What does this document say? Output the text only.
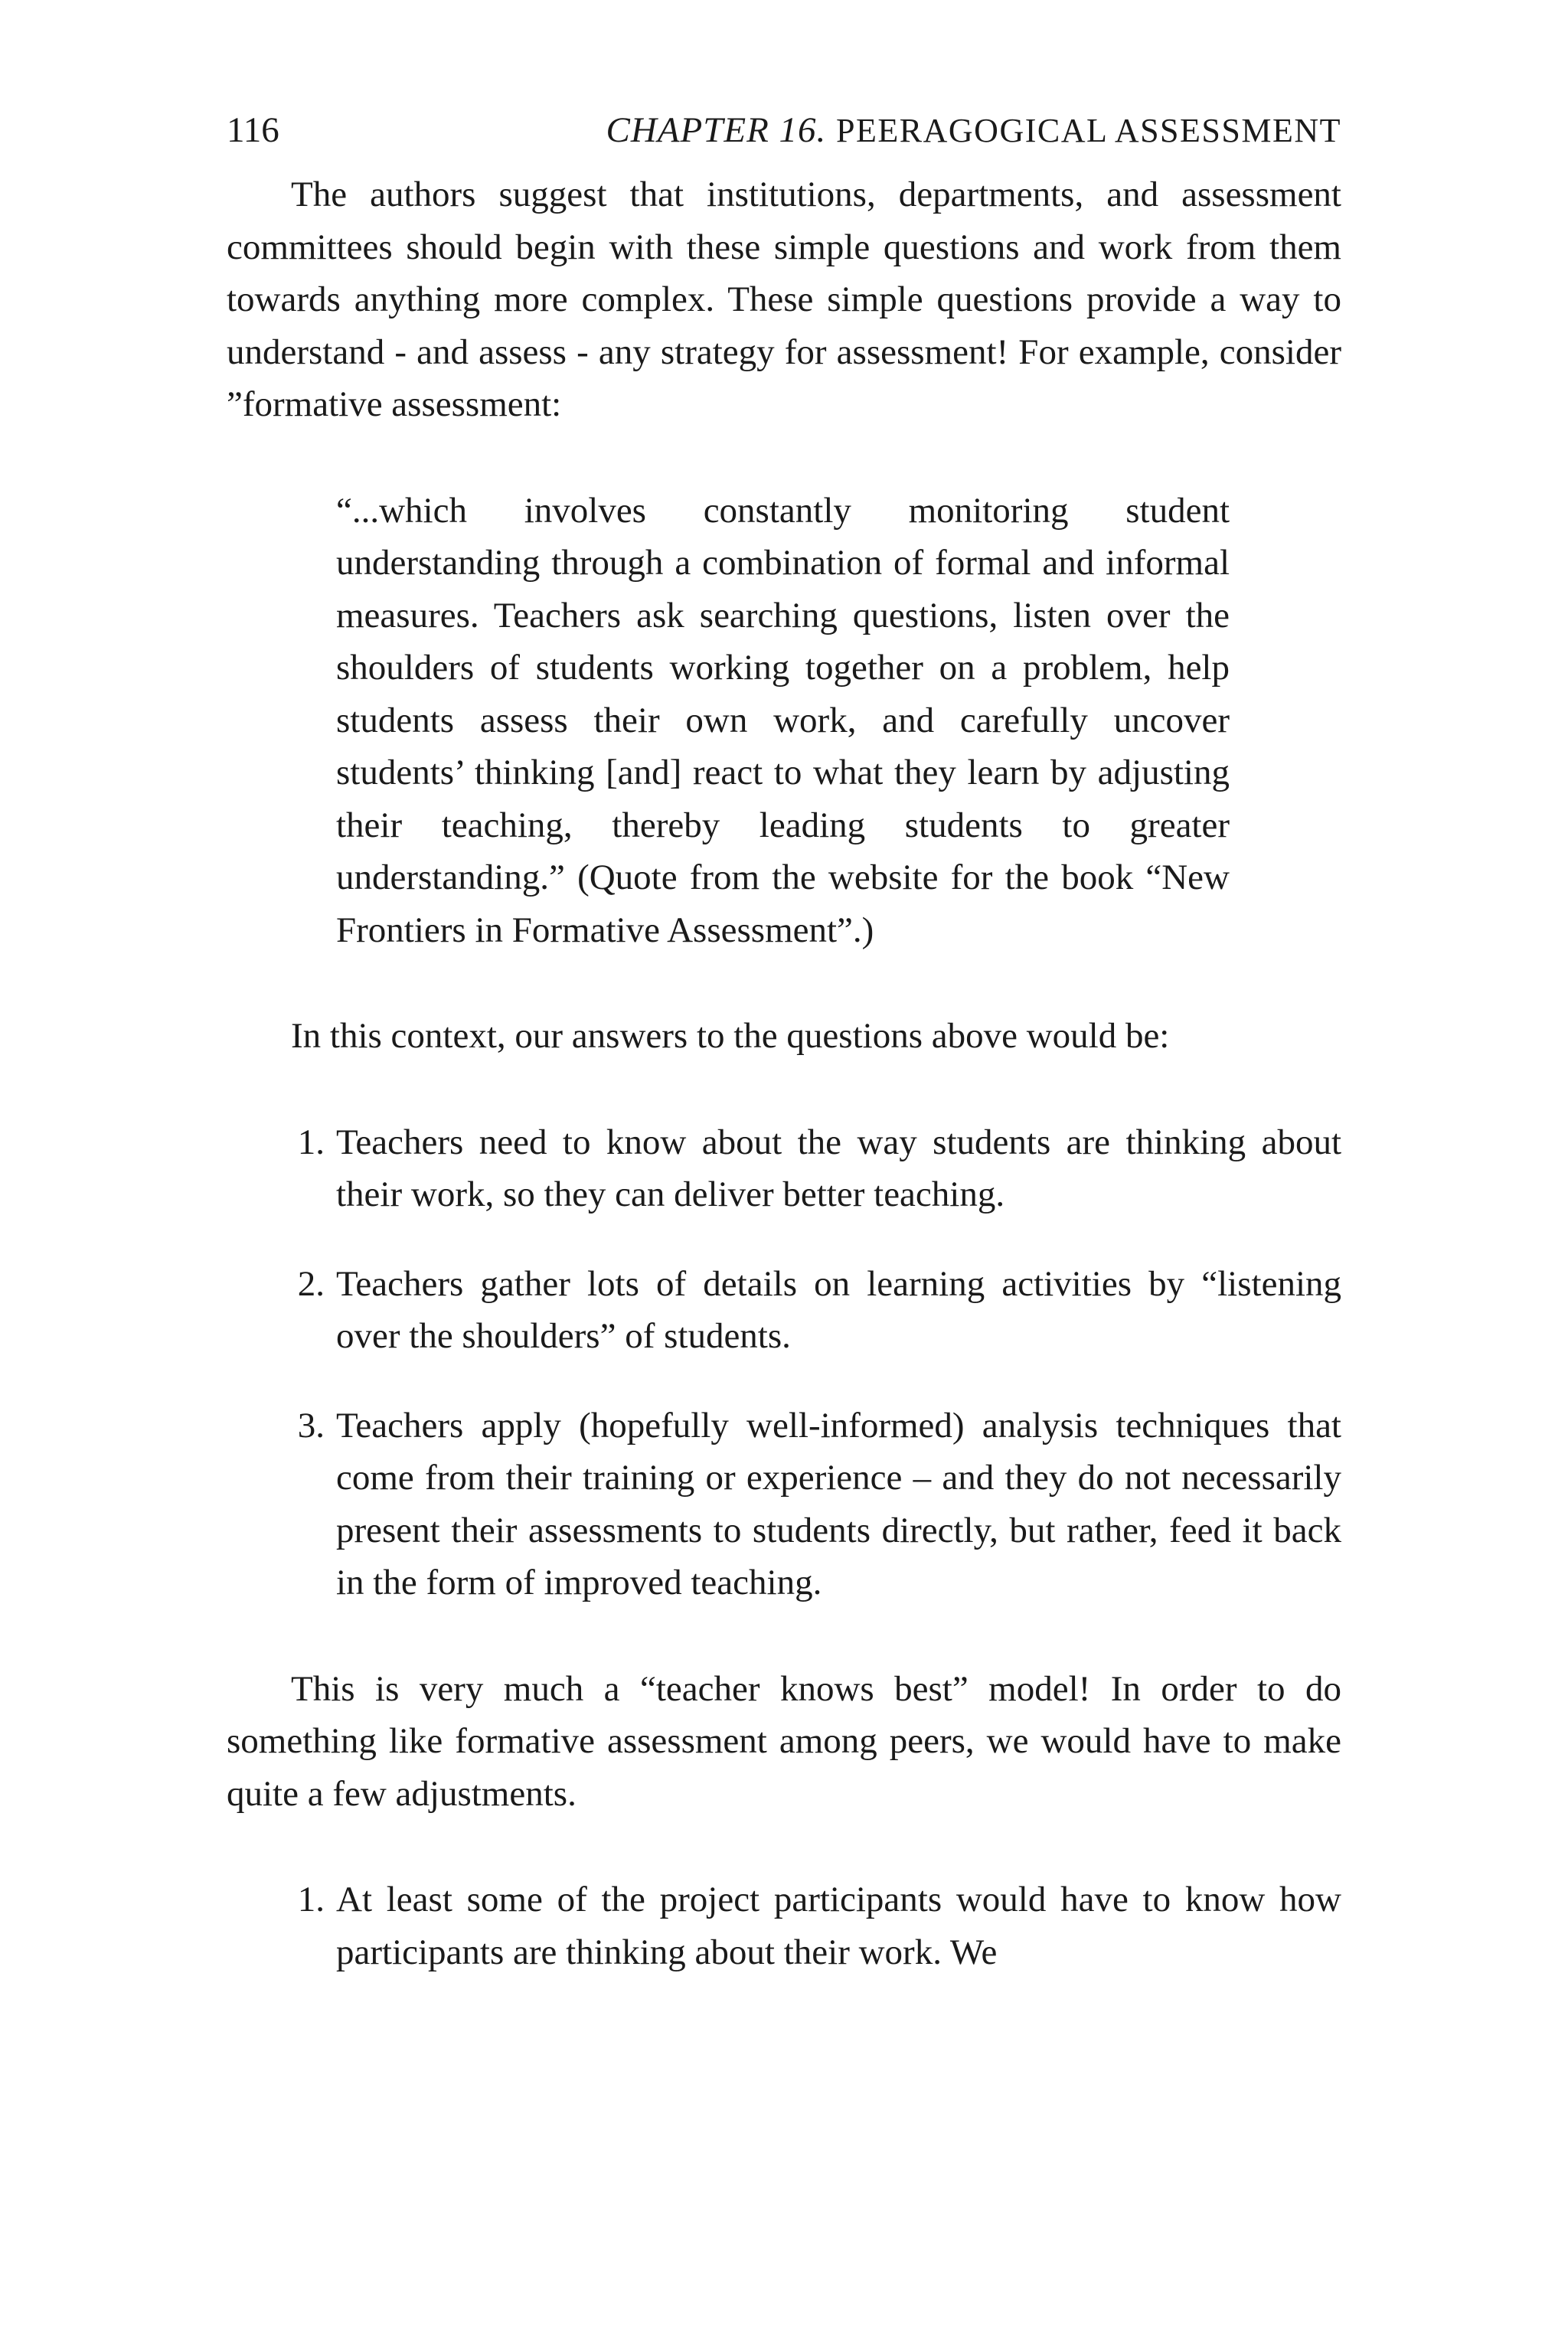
116	CHAPTER 16. PEERAGOGICAL ASSESSMENT

The authors suggest that institutions, departments, and assessment committees should begin with these simple questions and work from them towards anything more complex. These simple questions provide a way to understand - and assess - any strategy for assessment! For example, consider ”formative assessment:

“...which involves constantly monitoring student understanding through a combination of formal and informal measures. Teachers ask searching questions, listen over the shoulders of students working together on a problem, help students assess their own work, and carefully uncover students’ thinking [and] react to what they learn by adjusting their teaching, thereby leading students to greater understanding.” (Quote from the website for the book “New Frontiers in Formative Assessment”.)

In this context, our answers to the questions above would be:

1. Teachers need to know about the way students are thinking about their work, so they can deliver better teaching.
2. Teachers gather lots of details on learning activities by “listening over the shoulders” of students.
3. Teachers apply (hopefully well-informed) analysis techniques that come from their training or experience – and they do not necessarily present their assessments to students directly, but rather, feed it back in the form of improved teaching.

This is very much a “teacher knows best” model! In order to do something like formative assessment among peers, we would have to make quite a few adjustments.

1. At least some of the project participants would have to know how participants are thinking about their work. We
